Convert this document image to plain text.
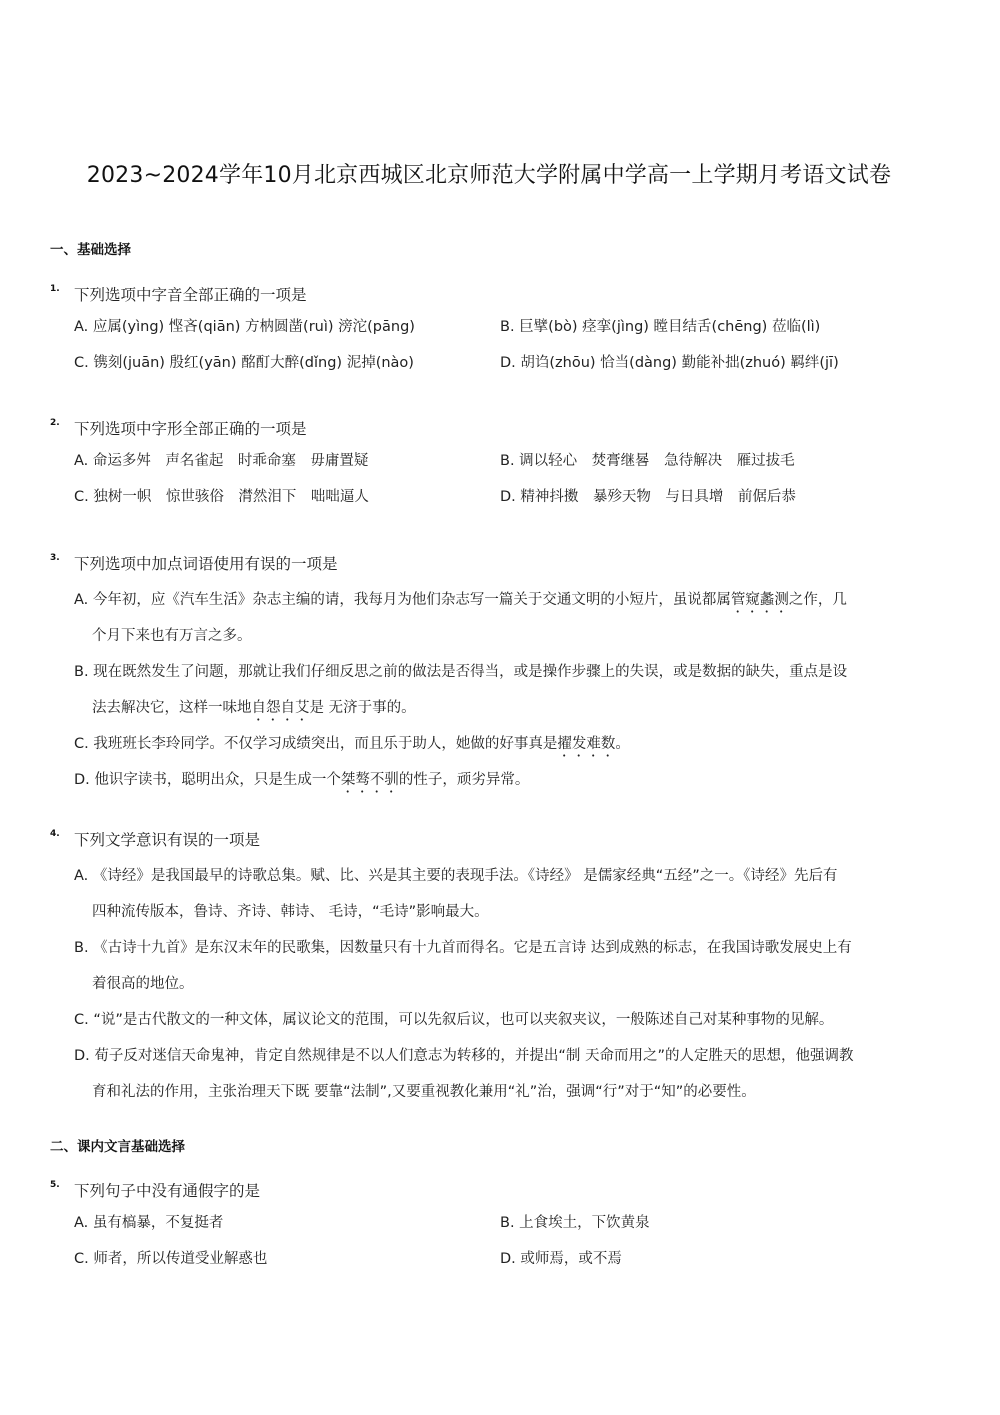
2023~2024学年10月北京西城区北京师范大学附属中学高一上学期月考语文试卷
一、基础选择
1. 下列选项中字音全部正确的一项是
A. 应属(yìng) 悭吝(qiān) 方枘圆凿(ruì) 滂沱(pāng)	B. 巨擘(bò) 痉挛(jìng) 瞠目结舌(chēng) 莅临(lì)
C. 镌刻(juān) 殷红(yān) 酩酊大醉(dǐng) 泥掉(nào)	D. 胡诌(zhōu) 恰当(dàng) 勤能补拙(zhuó) 羁绊(jī)
2. 下列选项中字形全部正确的一项是
A. 命运多舛　声名雀起　时乖命塞　毋庸置疑	B. 调以轻心　焚膏继晷　急待解决　雁过拔毛
C. 独树一帜　惊世骇俗　潸然泪下　咄咄逼人	D. 精神抖擞　暴殄天物　与日具增　前倨后恭
3. 下列选项中加点词语使用有误的一项是
A. 今年初，应《汽车生活》杂志主编的请，我每月为他们杂志写一篇关于交通文明的小短片，虽说都属管窥蠡测之作，几
个月下来也有万言之多。
B. 现在既然发生了问题，那就让我们仔细反思之前的做法是否得当，或是操作步骤上的失误，或是数据的缺失，重点是设
法去解决它，这样一味地自怨自艾是 无济于事的。
C. 我班班长李玲同学。不仅学习成绩突出，而且乐于助人，她做的好事真是擢发难数。
D. 他识字读书，聪明出众，只是生成一个桀骜不驯的性子，顽劣异常。
4. 下列文学意识有误的一项是
A. 《诗经》是我国最早的诗歌总集。赋、比、兴是其主要的表现手法。《诗经》 是儒家经典“五经”之一。《诗经》先后有
四种流传版本，鲁诗、齐诗、韩诗、 毛诗，“毛诗”影响最大。
B. 《古诗十九首》是东汉末年的民歌集，因数量只有十九首而得名。它是五言诗 达到成熟的标志，在我国诗歌发展史上有
着很高的地位。
C. “说”是古代散文的一种文体，属议论文的范围，可以先叙后议，也可以夹叙夹议，一般陈述自己对某种事物的见解。
D. 荀子反对迷信天命鬼神，肯定自然规律是不以人们意志为转移的，并提出“制 天命而用之”的人定胜天的思想，他强调教
育和礼法的作用，主张治理天下既 要靠“法制”,又要重视教化兼用“礼”治，强调“行”对于“知”的必要性。
二、课内文言基础选择
5. 下列句子中没有通假字的是
A. 虽有槁暴，不复挺者	B. 上食埃土，下饮黄泉
C. 师者，所以传道受业解惑也	D. 或师焉，或不焉
